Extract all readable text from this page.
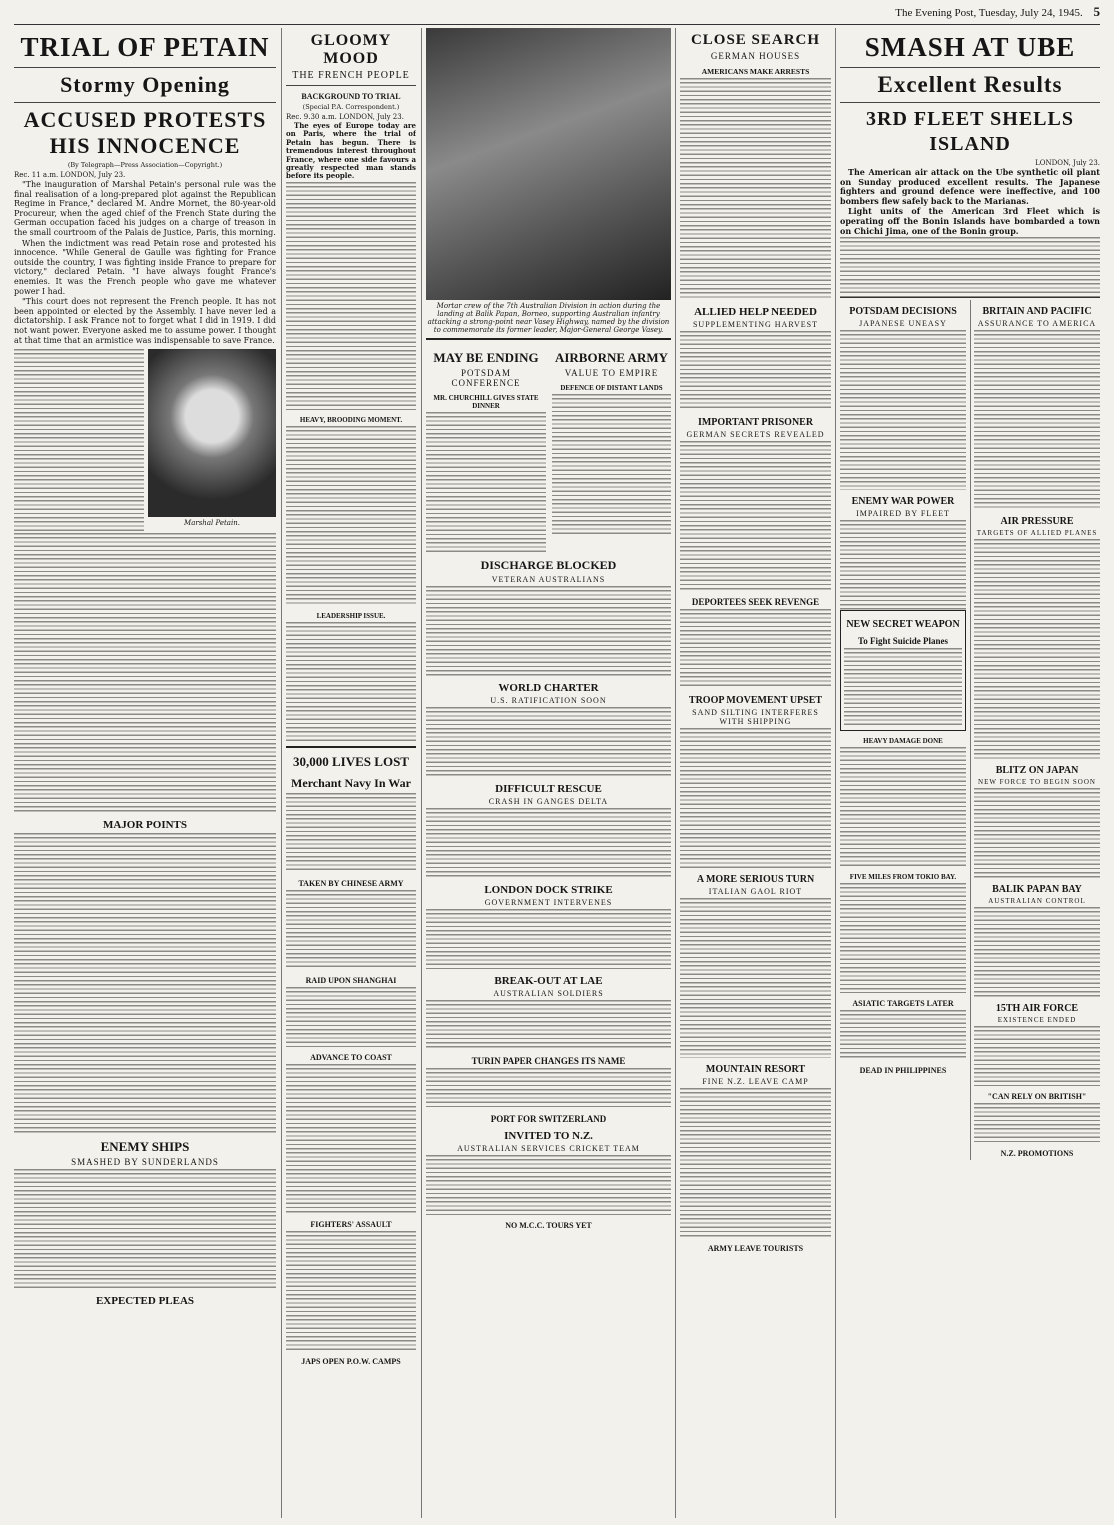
The Evening Post, Tuesday, July 24, 1945. 5
TRIAL OF PETAIN
Stormy Opening
ACCUSED PROTESTS HIS INNOCENCE
(By Telegraph—Press Association—Copyright.)
Rec. 11 a.m. LONDON, July 23.

"The inauguration of Marshal Petain's personal rule was the final realisation of a long-prepared plot against the Republican Regime in France," declared M. Andre Mornet, the 80-year-old Procureur, when the aged chief of the French State during the German occupation faced his judges on a charge of treason in the small courtroom of the Palais de Justice, Paris, this morning.

When the indictment was read Petain rose and protested his innocence. "While General de Gaulle was fighting for France outside the country, I was fighting inside France to prepare for victory," declared Petain. "I have always fought France's enemies. It was the French people who gave me whatever power I had.

"This court does not represent the French people. It has not been appointed or elected by the Assembly. I have never led a dictatorship. I ask France not to forget what I did in 1919. I did not want power. Everyone asked me to assume power. I thought at that time that an armistice was indispensable to save France.

Marshal Petain.
MAJOR POINTS
ENEMY SHIPS
SMASHED BY SUNDERLANDS
EXPECTED PLEAS
GLOOMY MOOD
THE FRENCH PEOPLE
BACKGROUND TO TRIAL
(Special P.A. Correspondent.)
Rec. 9.30 a.m. LONDON, July 23.

The eyes of Europe today are on Paris, where the trial of Petain has begun. There is tremendous interest throughout France, where one side favours a greatly respected man stands before its people.

HEAVY, BROODING MOMENT.
LEADERSHIP ISSUE.
30,000 LIVES LOST
Merchant Navy In War
TAKEN BY CHINESE ARMY
RAID UPON SHANGHAI
ADVANCE TO COAST
FIGHTERS' ASSAULT
JAPS OPEN P.O.W. CAMPS
Mortar crew of the 7th Australian Division in action during the landing at Balik Papan, Borneo, supporting Australian infantry attacking a strong-point near Vasey Highway, named by the division to commemorate its former leader, Major-General George Vasey.
MAY BE ENDING
POTSDAM CONFERENCE
MR. CHURCHILL GIVES STATE DINNER
AIRBORNE ARMY
VALUE TO EMPIRE
DEFENCE OF DISTANT LANDS
DISCHARGE BLOCKED
VETERAN AUSTRALIANS
WORLD CHARTER
U.S. RATIFICATION SOON
DIFFICULT RESCUE
CRASH IN GANGES DELTA
LONDON DOCK STRIKE
GOVERNMENT INTERVENES
BREAK-OUT AT LAE
AUSTRALIAN SOLDIERS
TURIN PAPER CHANGES ITS NAME
PORT FOR SWITZERLAND
INVITED TO N.Z.
AUSTRALIAN SERVICES CRICKET TEAM
NO M.C.C. TOURS YET
CLOSE SEARCH
GERMAN HOUSES
AMERICANS MAKE ARRESTS
ALLIED HELP NEEDED
SUPPLEMENTING HARVEST
IMPORTANT PRISONER
GERMAN SECRETS REVEALED
DEPORTEES SEEK REVENGE
TROOP MOVEMENT UPSET
SAND SILTING INTERFERES WITH SHIPPING
A MORE SERIOUS TURN
ITALIAN GAOL RIOT
MOUNTAIN RESORT
FINE N.Z. LEAVE CAMP
ARMY LEAVE TOURISTS
SMASH AT UBE
Excellent Results
3RD FLEET SHELLS ISLAND
LONDON, July 23.

The American air attack on the Ube synthetic oil plant on Sunday produced excellent results. The Japanese fighters and ground defence were ineffective, and 100 bombers flew safely back to the Marianas.

Light units of the American 3rd Fleet which is operating off the Bonin Islands have bombarded a town on Chichi Jima, one of the Bonin group.

POTSDAM DECISIONS
JAPANESE UNEASY
ENEMY WAR POWER
IMPAIRED BY FLEET
NEW SECRET WEAPON
To Fight Suicide Planes
HEAVY DAMAGE DONE
FIVE MILES FROM TOKIO BAY.
ASIATIC TARGETS LATER
DEAD IN PHILIPPINES
BRITAIN AND PACIFIC
ASSURANCE TO AMERICA
AIR PRESSURE
TARGETS OF ALLIED PLANES
BLITZ ON JAPAN
NEW FORCE TO BEGIN SOON
BALIK PAPAN BAY
AUSTRALIAN CONTROL
15TH AIR FORCE
EXISTENCE ENDED
"CAN RELY ON BRITISH"
N.Z. PROMOTIONS
